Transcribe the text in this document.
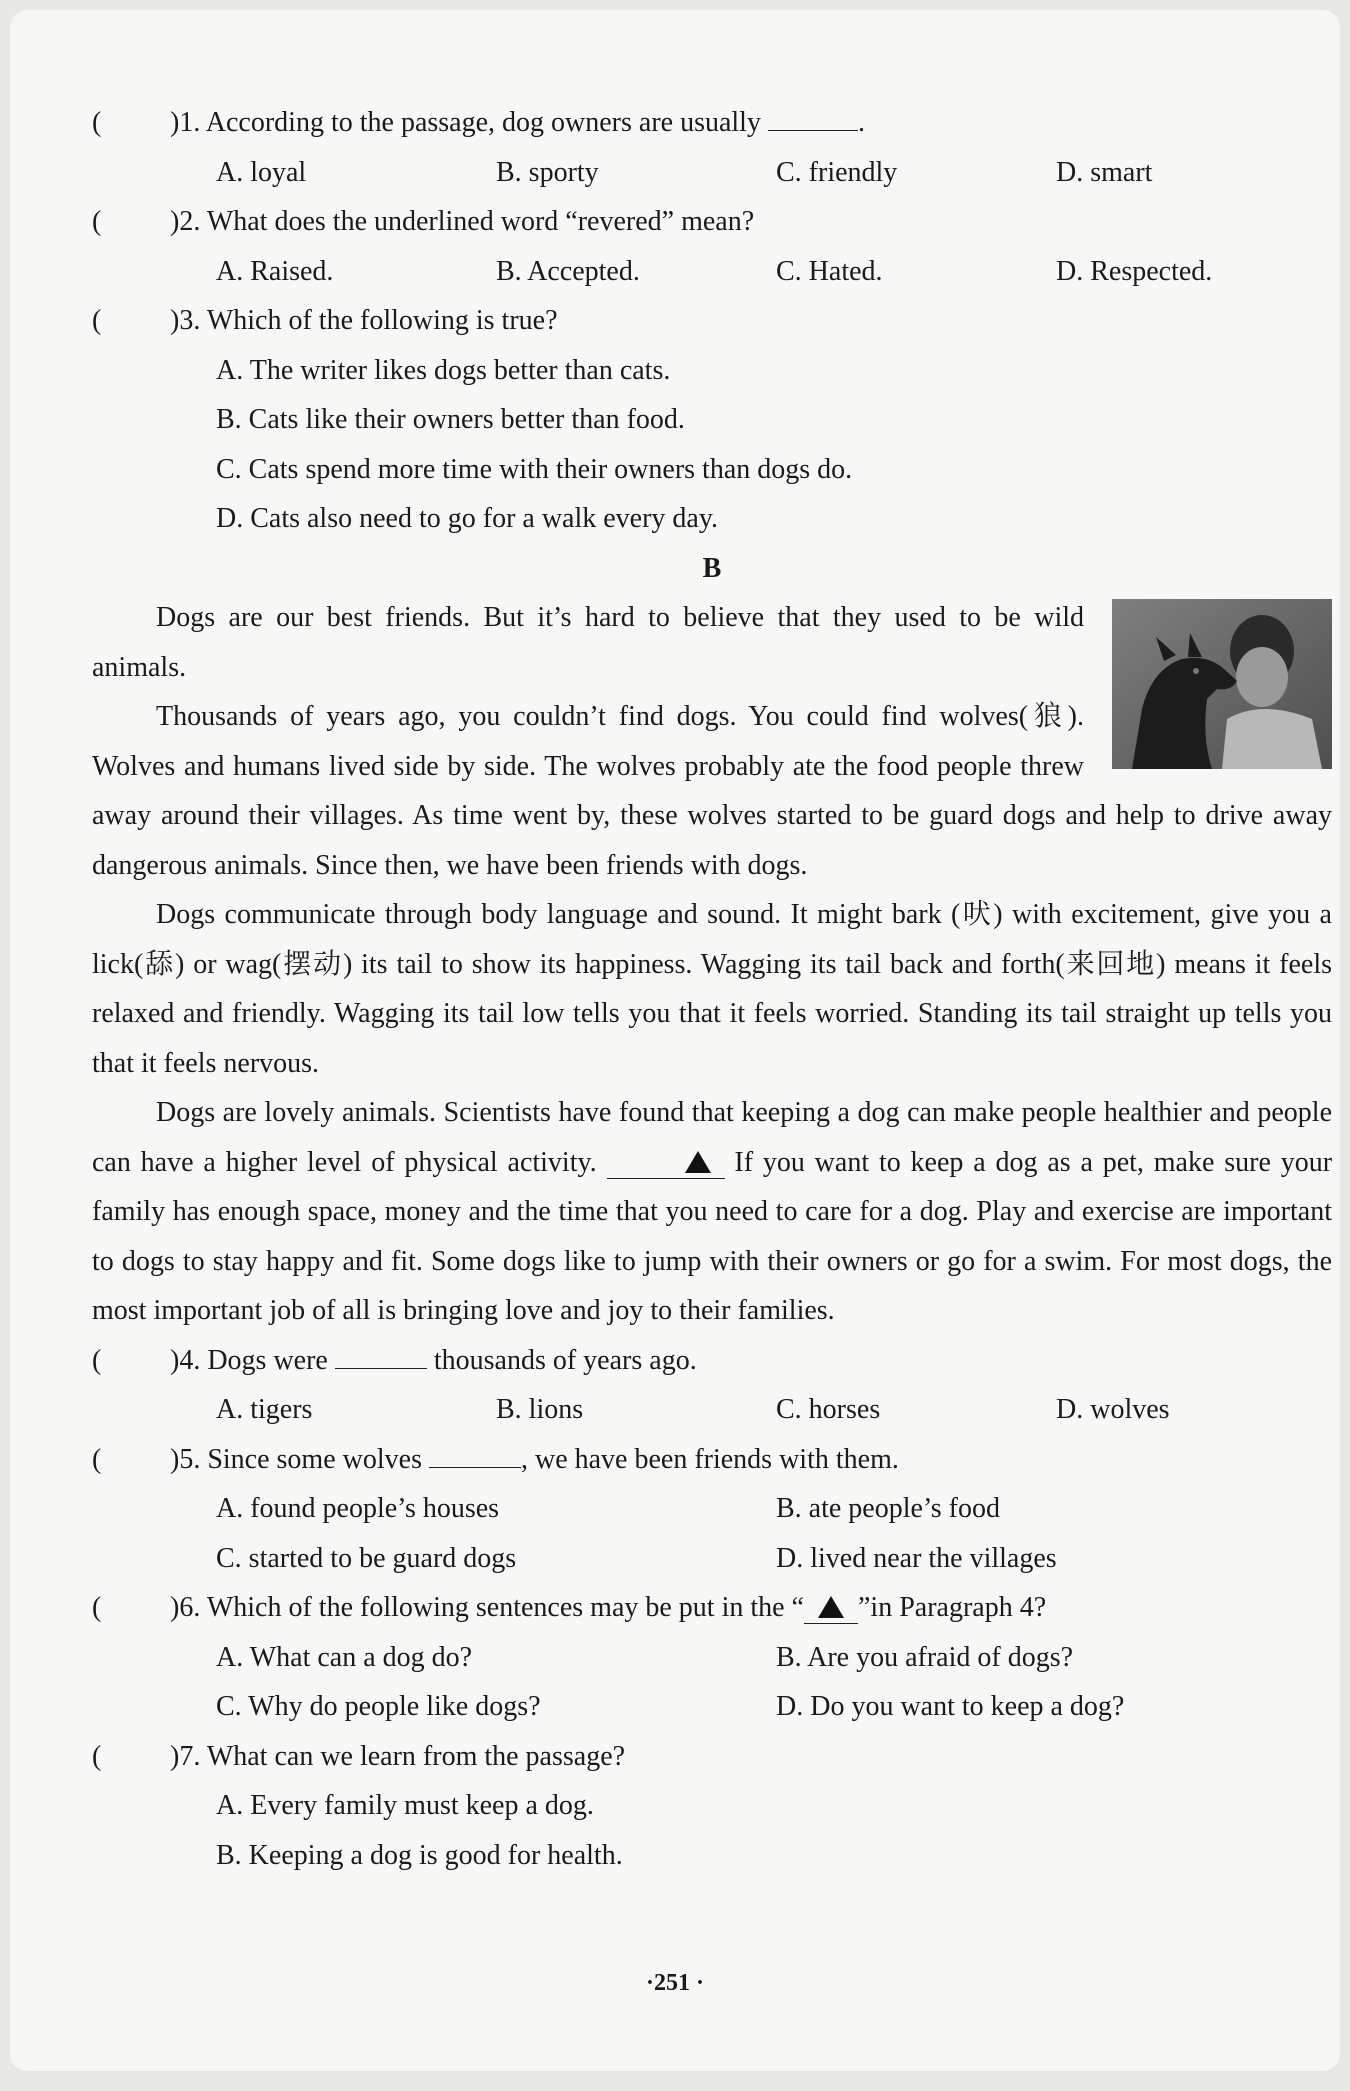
(	)1. According to the passage, dog owners are usually	.
A. loyal	B. sporty	C. friendly	D. smart
(	)2. What does the underlined word “revered” mean?
A. Raised.	B. Accepted.	C. Hated.	D. Respected.
(	)3. Which of the following is true?
A. The writer likes dogs better than cats.
B. Cats like their owners better than food.
C. Cats spend more time with their owners than dogs do.
D. Cats also need to go for a walk every day.
B

Dogs are our best friends. But it’s hard to believe that they used to be wild animals.

Thousands of years ago, you couldn’t find dogs. You could find wolves(狼). Wolves and humans lived side by side. The wolves probably ate the food people threw away around their villages. As time went by, these wolves started to be guard dogs and help to drive away dangerous animals. Since then, we have been friends with dogs.

Dogs communicate through body language and sound. It might bark (吠) with excitement, give you a lick(舔) or wag(摆动) its tail to show its happiness. Wagging its tail back and forth(来回地) means it feels relaxed and friendly. Wagging its tail low tells you that it feels worried. Standing its tail straight up tells you that it feels nervous.

Dogs are lovely animals. Scientists have found that keeping a dog can make people healthier and people can have a higher level of physical activity.	If you want to keep a dog as a pet, make sure your family has enough space, money and the time that you need to care for a dog. Play and exercise are important to dogs to stay happy and fit. Some dogs like to jump with their owners or go for a swim. For most dogs, the most important job of all is bringing love and joy to their families.

(	)4. Dogs were	thousands of years ago.
A. tigers	B. lions	C. horses	D. wolves
(	)5. Since some wolves	, we have been friends with them.
A. found people’s houses	B. ate people’s food
C. started to be guard dogs	D. lived near the villages
(	)6. Which of the following sentences may be put in the “ ”in Paragraph 4?
A. What can a dog do?	B. Are you afraid of dogs?
C. Why do people like dogs?	D. Do you want to keep a dog?
(	)7. What can we learn from the passage?
A. Every family must keep a dog.
B. Keeping a dog is good for health.
·251 ·
